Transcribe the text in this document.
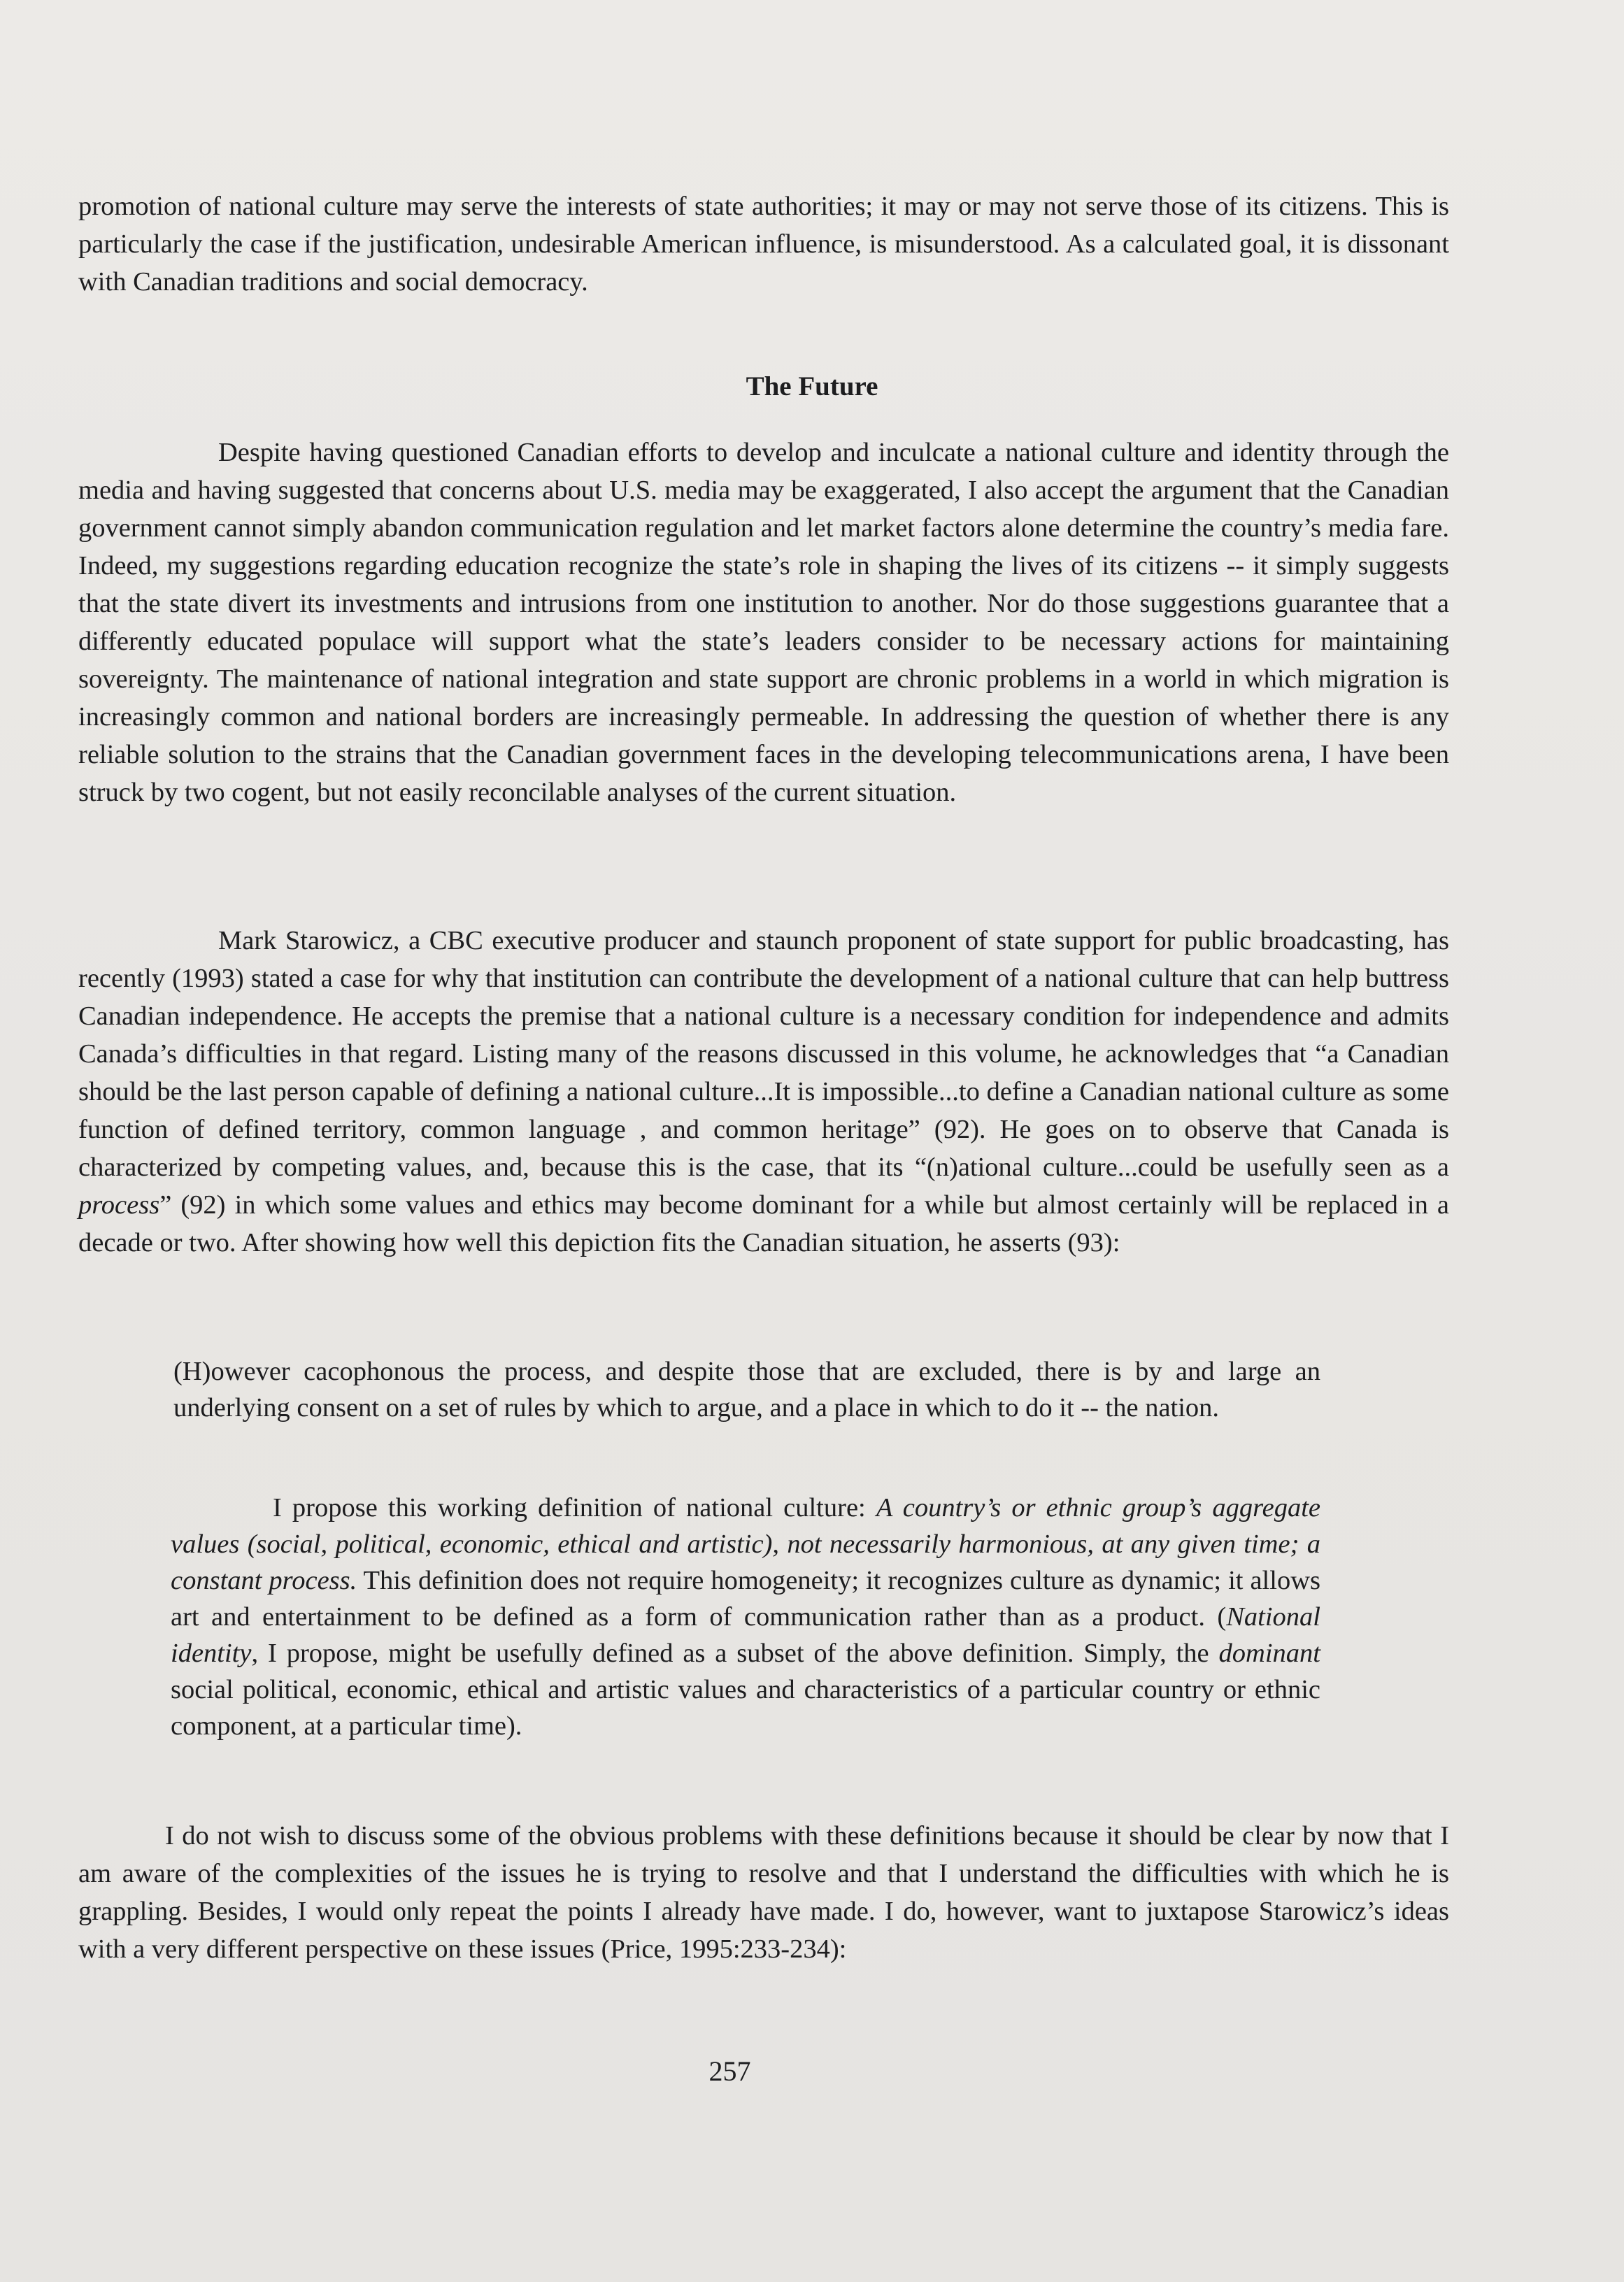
promotion of national culture may serve the interests of state authorities; it may or may not serve those of its citizens. This is particularly the case if the justification, undesirable American influence, is misunderstood. As a calculated goal, it is dissonant with Canadian traditions and social democracy.

The Future

Despite having questioned Canadian efforts to develop and inculcate a national culture and identity through the media and having suggested that concerns about U.S. media may be exaggerated, I also accept the argument that the Canadian government cannot simply abandon communication regulation and let market factors alone determine the country’s media fare. Indeed, my suggestions regarding education recognize the state’s role in shaping the lives of its citizens -- it simply suggests that the state divert its investments and intrusions from one institution to another. Nor do those suggestions guarantee that a differently educated populace will support what the state’s leaders consider to be necessary actions for maintaining sovereignty. The maintenance of national integration and state support are chronic problems in a world in which migration is increasingly common and national borders are increasingly permeable. In addressing the question of whether there is any reliable solution to the strains that the Canadian government faces in the developing telecommunications arena, I have been struck by two cogent, but not easily reconcilable analyses of the current situation.

Mark Starowicz, a CBC executive producer and staunch proponent of state support for public broadcasting, has recently (1993) stated a case for why that institution can contribute the development of a national culture that can help buttress Canadian independence. He accepts the premise that a national culture is a necessary condition for independence and admits Canada’s difficulties in that regard. Listing many of the reasons discussed in this volume, he acknowledges that “a Canadian should be the last person capable of defining a national culture...It is impossible...to define a Canadian national culture as some function of defined territory, common language , and common heritage” (92). He goes on to observe that Canada is characterized by competing values, and, because this is the case, that its “(n)ational culture...could be usefully seen as a process” (92) in which some values and ethics may become dominant for a while but almost certainly will be replaced in a decade or two. After showing how well this depiction fits the Canadian situation, he asserts (93):

(H)owever cacophonous the process, and despite those that are excluded, there is by and large an underlying consent on a set of rules by which to argue, and a place in which to do it -- the nation.

I propose this working definition of national culture: A country’s or ethnic group’s aggregate values (social, political, economic, ethical and artistic), not necessarily harmonious, at any given time; a constant process. This definition does not require homogeneity; it recognizes culture as dynamic; it allows art and entertainment to be defined as a form of communication rather than as a product. (National identity, I propose, might be usefully defined as a subset of the above definition. Simply, the dominant social political, economic, ethical and artistic values and characteristics of a particular country or ethnic component, at a particular time).

I do not wish to discuss some of the obvious problems with these definitions because it should be clear by now that I am aware of the complexities of the issues he is trying to resolve and that I understand the difficulties with which he is grappling. Besides, I would only repeat the points I already have made. I do, however, want to juxtapose Starowicz’s ideas with a very different perspective on these issues (Price, 1995:233-234):

257
